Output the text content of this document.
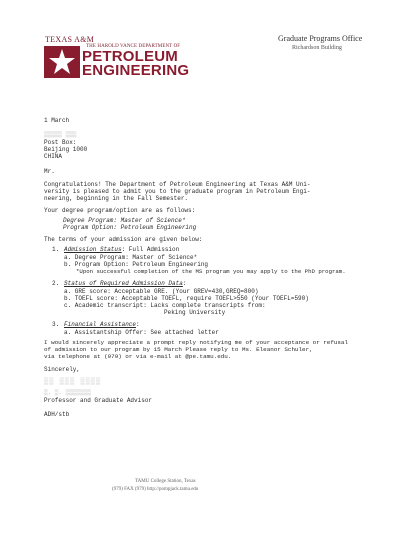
TEXAS A&M
THE HAROLD VANCE DEPARTMENT OF
PETROLEUM
ENGINEERING
Graduate Programs Office
Richardson Building
1 March
▒▒▒▒▒ ▒▒▒
Post Box:
Beijing 1000
CHINA
Mr.
Congratulations! The Department of Petroleum Engineering at Texas A&M Uni-
versity is pleased to admit you to the graduate program in Petroleum Engi-
neering, beginning in the Fall Semester.
Your degree program/option are as follows:
Degree Program: Master of Science*
Program Option: Petroleum Engineering
The terms of your admission are given below:
1. Admission Status: Full Admission
a. Degree Program: Master of Science*
b. Program Option: Petroleum Engineering
*Upon successful completion of the MS program you may apply to the PhD program.
2. Status of Required Admission Data:
a. GRE score: Acceptable GRE. (Your GREV=430,GREQ=800)
b. TOEFL score: Acceptable TOEFL, require TOEFL>550 (Your TOEFL=590)
c. Academic transcript: Lacks complete transcripts from:
Peking University
3. Financial Assistance:
a. Assistantship Offer: See attached letter
I would sincerely appreciate a prompt reply notifying me of your acceptance or refusal
of admission to our program by 15 March Please reply to Ms. Eleanor Schuler,
via telephone at (979) or via e-mail at @pe.tamu.edu.
Sincerely,
▒▒ ▒▒▒ ▒▒▒▒
▒. ▒. ▒▒▒▒▒▒▒
Professor and Graduate Advisor
ADH/stb
TAMU College Station, Texas
(979) FAX (979) http://pompjack.tamu.edu
